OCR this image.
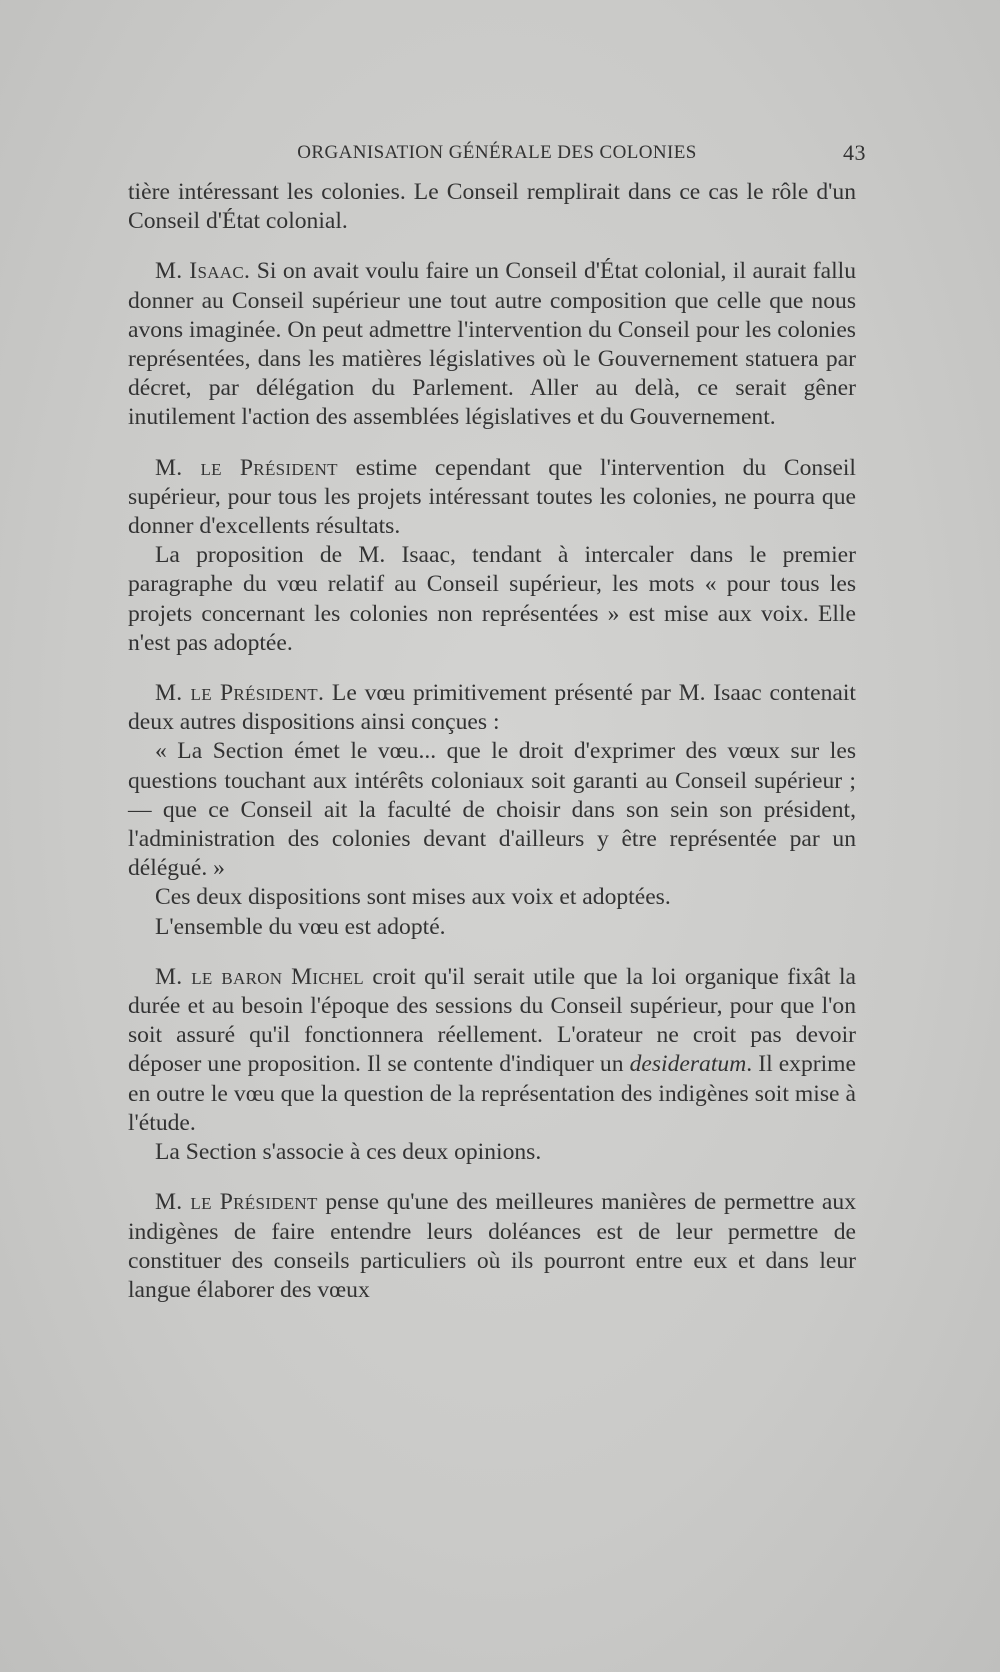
ORGANISATION GÉNÉRALE DES COLONIES	43

tière intéressant les colonies. Le Conseil remplirait dans ce cas le rôle d'un Conseil d'État colonial.

M. Isaac. Si on avait voulu faire un Conseil d'État colonial, il aurait fallu donner au Conseil supérieur une tout autre composition que celle que nous avons imaginée. On peut admettre l'intervention du Conseil pour les colonies représentées, dans les matières législatives où le Gouvernement statuera par décret, par délégation du Parlement. Aller au delà, ce serait gêner inutilement l'action des assemblées législatives et du Gouvernement.

M. le Président estime cependant que l'intervention du Conseil supérieur, pour tous les projets intéressant toutes les colonies, ne pourra que donner d'excellents résultats.

La proposition de M. Isaac, tendant à intercaler dans le premier paragraphe du vœu relatif au Conseil supérieur, les mots « pour tous les projets concernant les colonies non représentées » est mise aux voix. Elle n'est pas adoptée.

M. le Président. Le vœu primitivement présenté par M. Isaac contenait deux autres dispositions ainsi conçues :

« La Section émet le vœu... que le droit d'exprimer des vœux sur les questions touchant aux intérêts coloniaux soit garanti au Conseil supérieur ; — que ce Conseil ait la faculté de choisir dans son sein son président, l'administration des colonies devant d'ailleurs y être représentée par un délégué. »

Ces deux dispositions sont mises aux voix et adoptées.

L'ensemble du vœu est adopté.

M. le baron Michel croit qu'il serait utile que la loi organique fixât la durée et au besoin l'époque des sessions du Conseil supérieur, pour que l'on soit assuré qu'il fonctionnera réellement. L'orateur ne croit pas devoir déposer une proposition. Il se contente d'indiquer un desideratum. Il exprime en outre le vœu que la question de la représentation des indigènes soit mise à l'étude.

La Section s'associe à ces deux opinions.

M. le Président pense qu'une des meilleures manières de permettre aux indigènes de faire entendre leurs doléances est de leur permettre de constituer des conseils particuliers où ils pourront entre eux et dans leur langue élaborer des vœux
